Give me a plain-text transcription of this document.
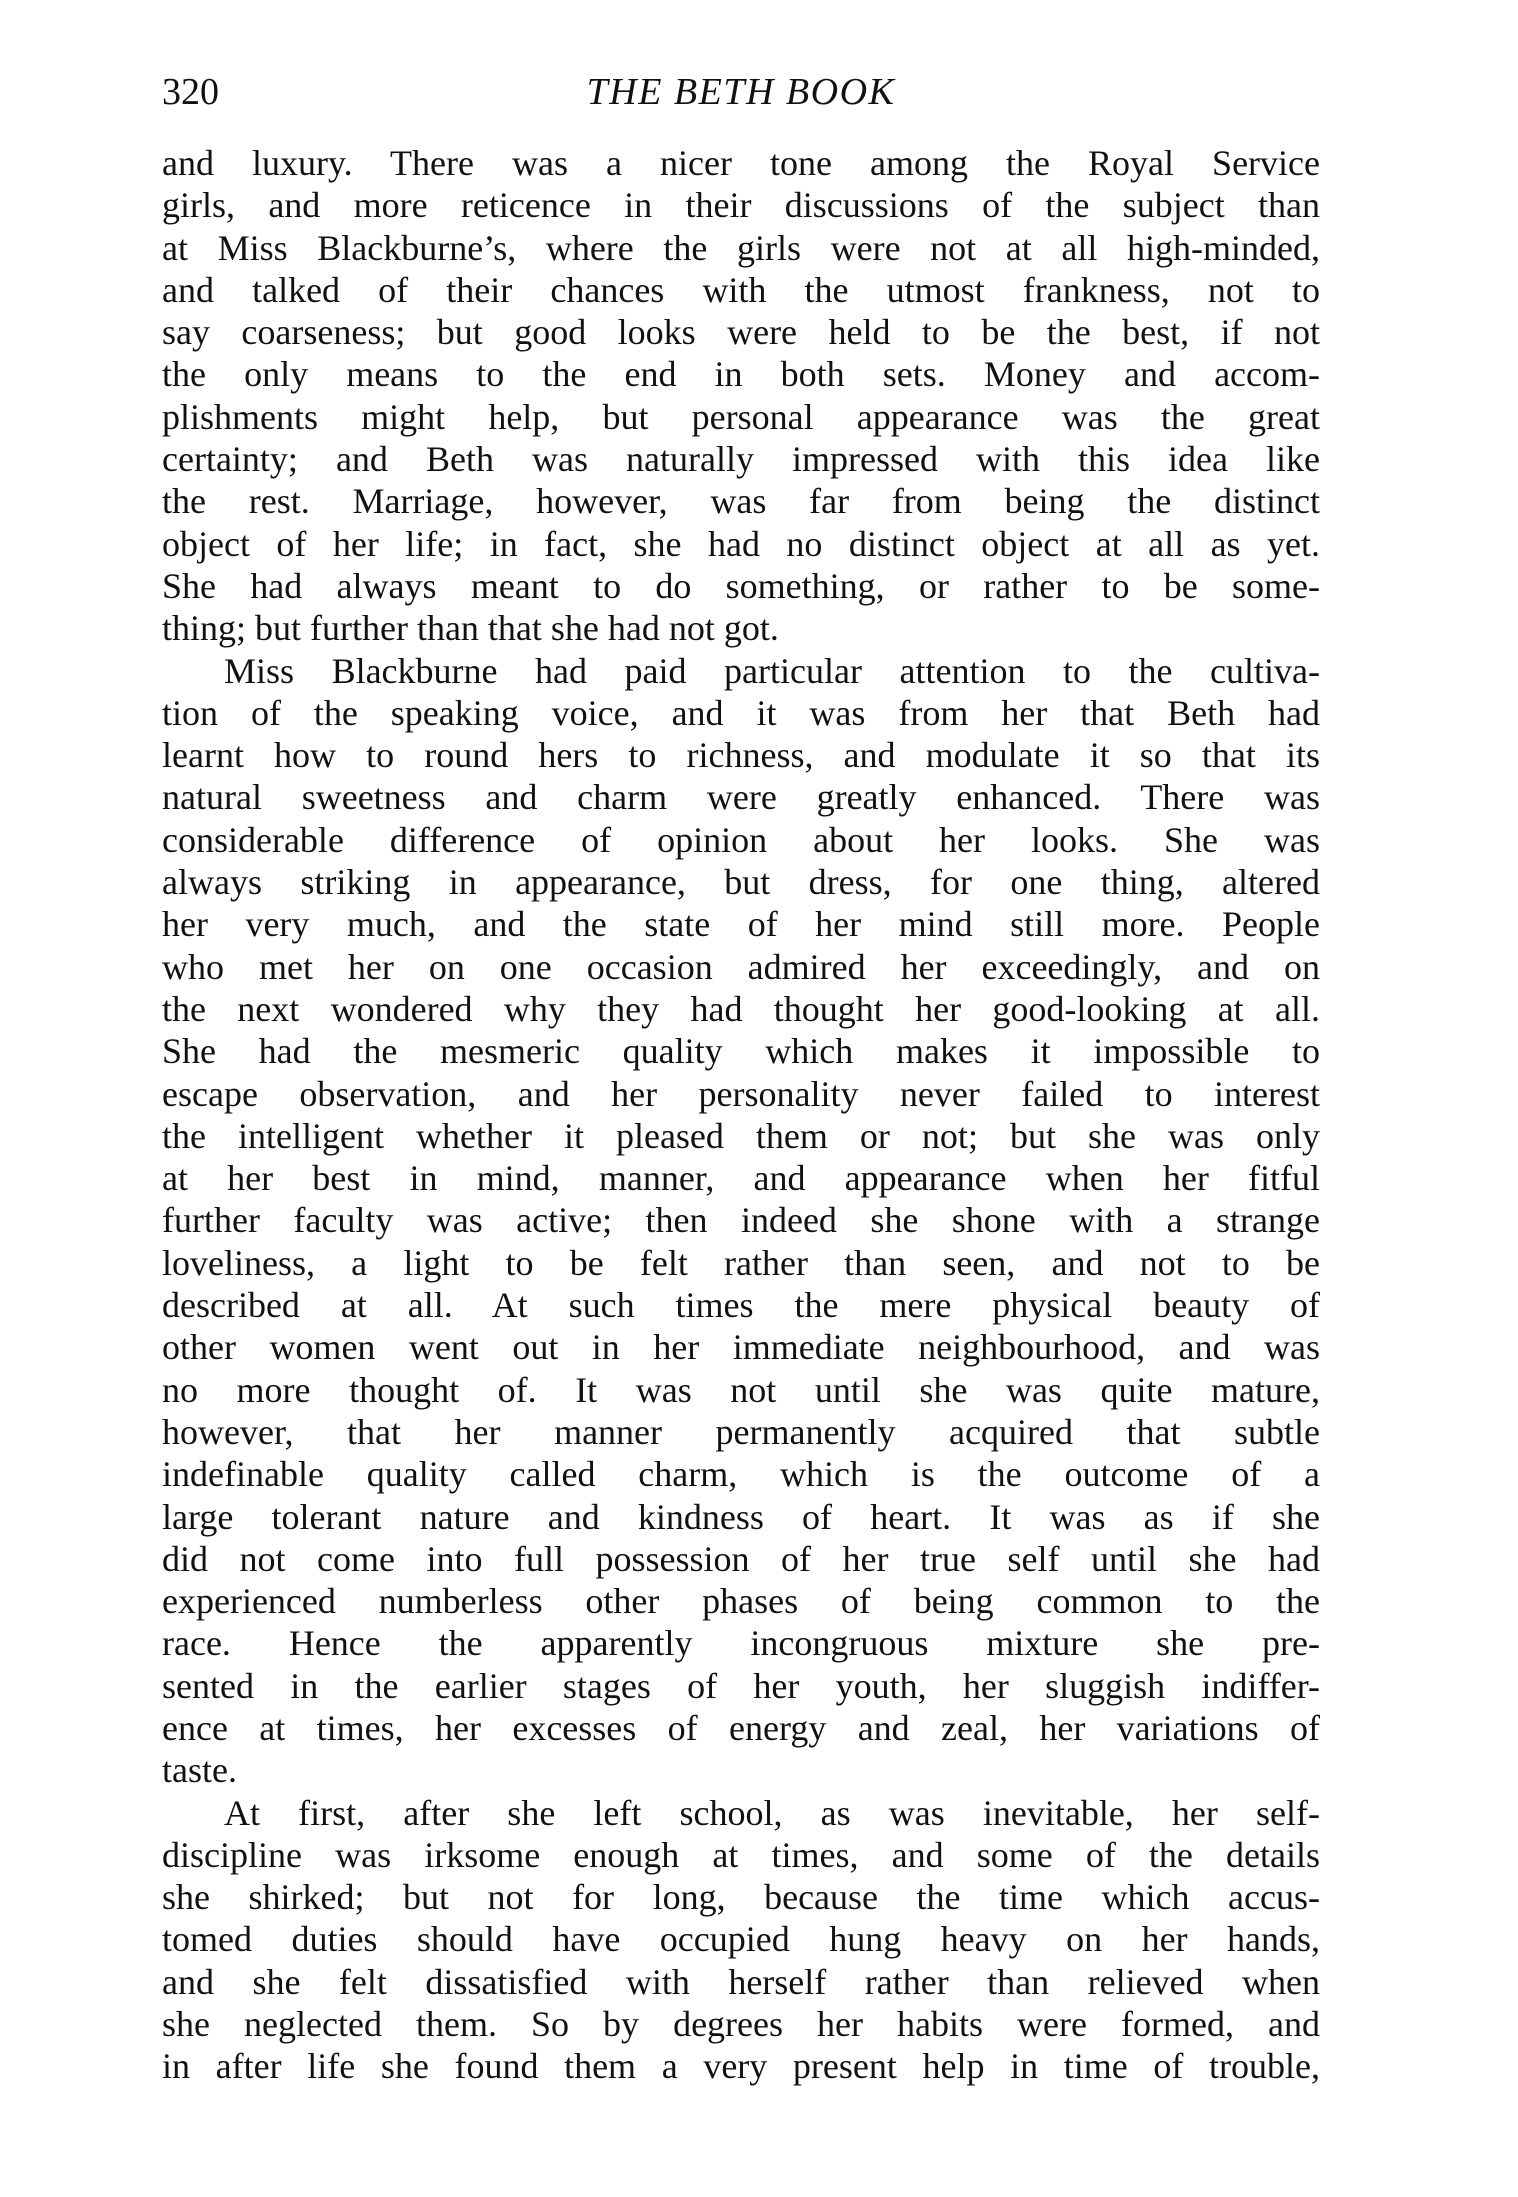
320	THE BETH BOOK
and luxury. There was a nicer tone among the Royal Service
girls, and more reticence in their discussions of the subject than
at Miss Blackburne’s, where the girls were not at all high-minded,
and talked of their chances with the utmost frankness, not to
say coarseness; but good looks were held to be the best, if not
the only means to the end in both sets. Money and accom-
plishments might help, but personal appearance was the great
certainty; and Beth was naturally impressed with this idea like
the rest. Marriage, however, was far from being the distinct
object of her life; in fact, she had no distinct object at all as yet.
She had always meant to do something, or rather to be some-
thing; but further than that she had not got.
Miss Blackburne had paid particular attention to the cultiva-
tion of the speaking voice, and it was from her that Beth had
learnt how to round hers to richness, and modulate it so that its
natural sweetness and charm were greatly enhanced. There was
considerable difference of opinion about her looks. She was
always striking in appearance, but dress, for one thing, altered
her very much, and the state of her mind still more. People
who met her on one occasion admired her exceedingly, and on
the next wondered why they had thought her good-looking at all.
She had the mesmeric quality which makes it impossible to
escape observation, and her personality never failed to interest
the intelligent whether it pleased them or not; but she was only
at her best in mind, manner, and appearance when her fitful
further faculty was active; then indeed she shone with a strange
loveliness, a light to be felt rather than seen, and not to be
described at all. At such times the mere physical beauty of
other women went out in her immediate neighbourhood, and was
no more thought of. It was not until she was quite mature,
however, that her manner permanently acquired that subtle
indefinable quality called charm, which is the outcome of a
large tolerant nature and kindness of heart. It was as if she
did not come into full possession of her true self until she had
experienced numberless other phases of being common to the
race. Hence the apparently incongruous mixture she pre-
sented in the earlier stages of her youth, her sluggish indiffer-
ence at times, her excesses of energy and zeal, her variations of
taste.
At first, after she left school, as was inevitable, her self-
discipline was irksome enough at times, and some of the details
she shirked; but not for long, because the time which accus-
tomed duties should have occupied hung heavy on her hands,
and she felt dissatisfied with herself rather than relieved when
she neglected them. So by degrees her habits were formed, and
in after life she found them a very present help in time of trouble,
